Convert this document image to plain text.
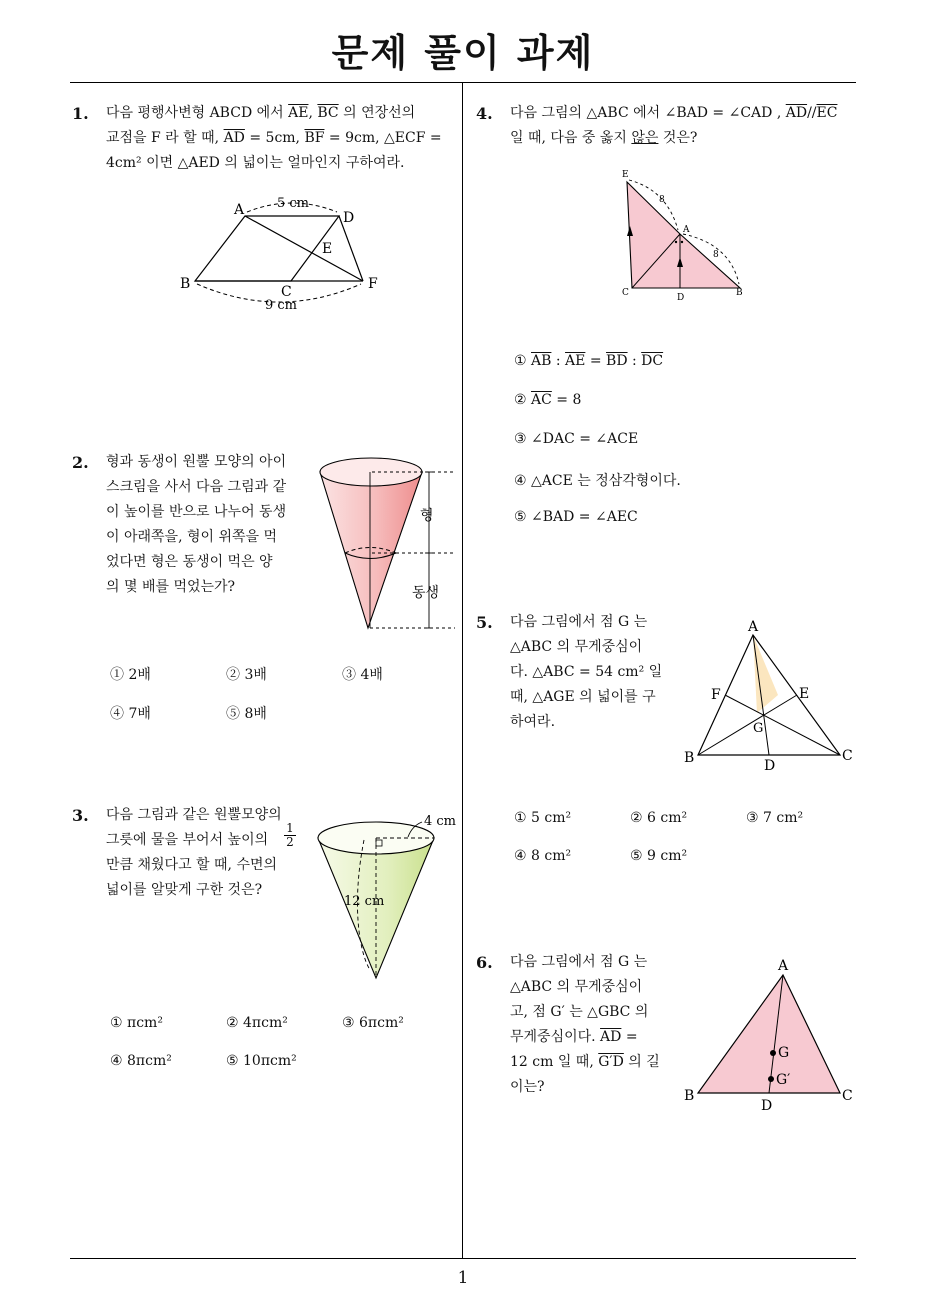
문제 풀이 과제
1
1. 다음 평행사변형 ABCD 에서 $\overline{AE}$, $\overline{BC}$ 의 연장선의
교점을 F 라 할 때, $\overline{AD} = 5cm$, $\overline{BF} = 9cm$, △ECF =
4cm² 이면 △AED 의 넓이는 얼마인지 구하여라.
A	D
E
B	C	F
5 cm
9 cm
2. 형과 동생이 원뿔 모양의 아이
스크림을 사서 다음 그림과 같
이 높이를 반으로 나누어 동생
이 아래쪽을, 형이 위쪽을 먹
었다면 형은 동생이 먹은 양
의 몇 배를 먹었는가?
형
동생
① 2배	② 3배	③ 4배
④ 7배	⑤ 8배
3. 다음 그림과 같은 원뿔모양의
그릇에 물을 부어서 높이의
1
2
만큼 채웠다고 할 때, 수면의
넓이를 알맞게 구한 것은?
4 cm
12 cm
① πcm²	② 4πcm²	③ 6πcm²
④ 8πcm²	⑤ 10πcm²
4. 다음 그림의 △ABC 에서 ∠BAD = ∠CAD , $\overline{AD}//\overline{EC}$
일 때, 다음 중 옳지 않은 것은?
E
A
B
C	D
8
8
① $\overline{AB}$ : $\overline{AE} = \overline{BD}$ : $\overline{DC}$
② $\overline{AC} = 8$
③ ∠DAC = ∠ACE
④ △ACE 는 정삼각형이다.
⑤ ∠BAD = ∠AEC
5. 다음 그림에서 점 G 는
△ABC 의 무게중심이
다. △ABC = 54 cm² 일
때, △AGE 의 넓이를 구
하여라.
A
B	C
D
E
F
G
① 5 cm²	② 6 cm²	③ 7 cm²
④ 8 cm²	⑤ 9 cm²
6. 다음 그림에서 점 G 는
△ABC 의 무게중심이
고, 점 G′ 는 △GBC 의
무게중심이다. $\overline{AD}$ =
12 cm 일 때, G′D 의 길
이는?
A
B	C
D
G
G′
